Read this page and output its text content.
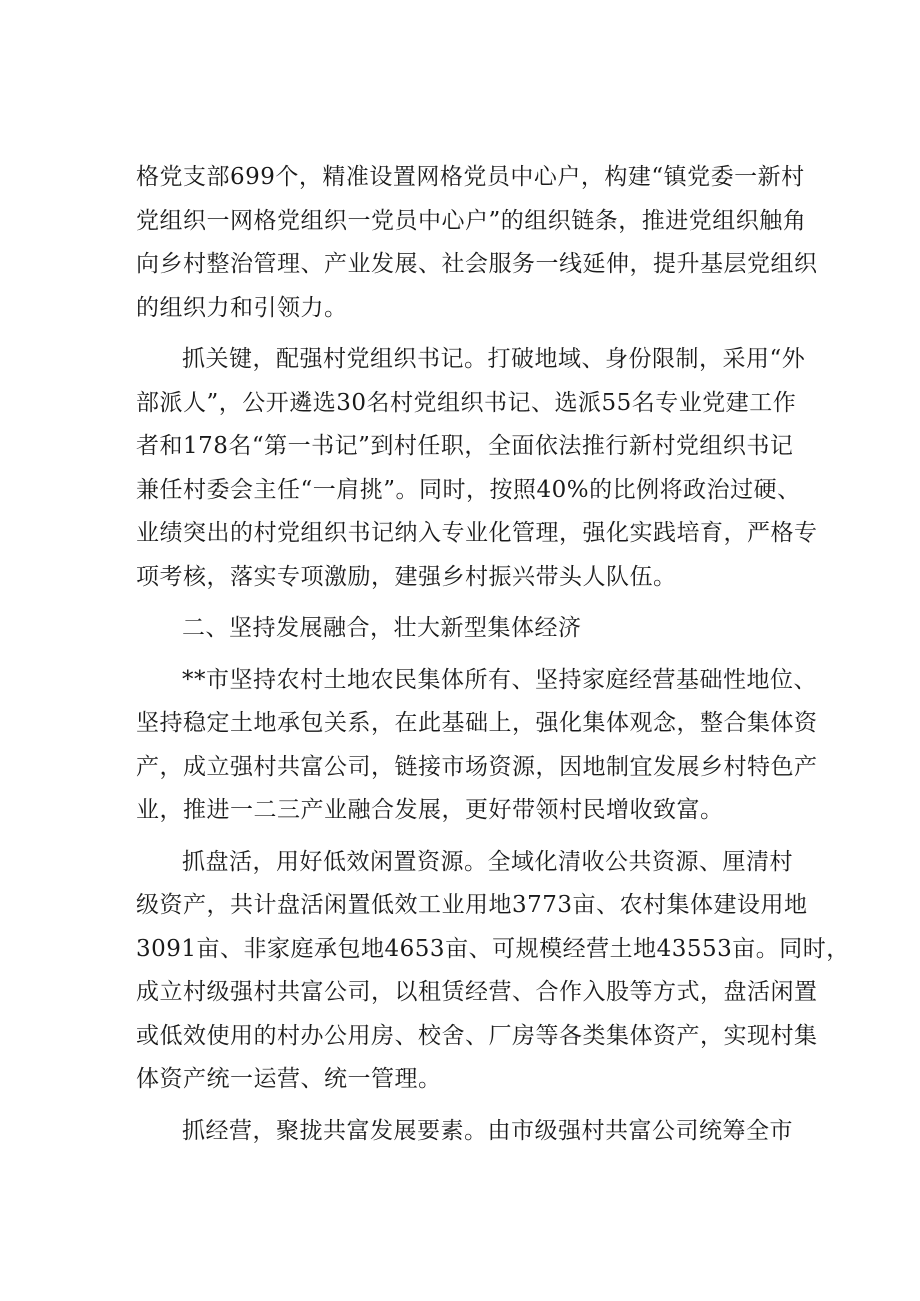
格党支部699个，精准设置网格党员中心户，构建“镇党委一新村
党组织一网格党组织一党员中心户”的组织链条，推进党组织触角
向乡村整治管理、产业发展、社会服务一线延伸，提升基层党组织
的组织力和引领力。

抓关键，配强村党组织书记。打破地域、身份限制，采用“外
部派人”，公开遴选30名村党组织书记、选派55名专业党建工作
者和178名“第一书记”到村任职，全面依法推行新村党组织书记
兼任村委会主任“一肩挑”。同时，按照40%的比例将政治过硬、
业绩突出的村党组织书记纳入专业化管理，强化实践培育，严格专
项考核，落实专项激励，建强乡村振兴带头人队伍。

二、坚持发展融合，壮大新型集体经济

**市坚持农村土地农民集体所有、坚持家庭经营基础性地位、
坚持稳定土地承包关系，在此基础上，强化集体观念，整合集体资
产，成立强村共富公司，链接市场资源，因地制宜发展乡村特色产
业，推进一二三产业融合发展，更好带领村民增收致富。

抓盘活，用好低效闲置资源。全域化清收公共资源、厘清村
级资产，共计盘活闲置低效工业用地3773亩、农村集体建设用地
3091亩、非家庭承包地4653亩、可规模经营土地43553亩。同时，
成立村级强村共富公司，以租赁经营、合作入股等方式，盘活闲置
或低效使用的村办公用房、校舍、厂房等各类集体资产，实现村集
体资产统一运营、统一管理。

抓经营，聚拢共富发展要素。由市级强村共富公司统筹全市
